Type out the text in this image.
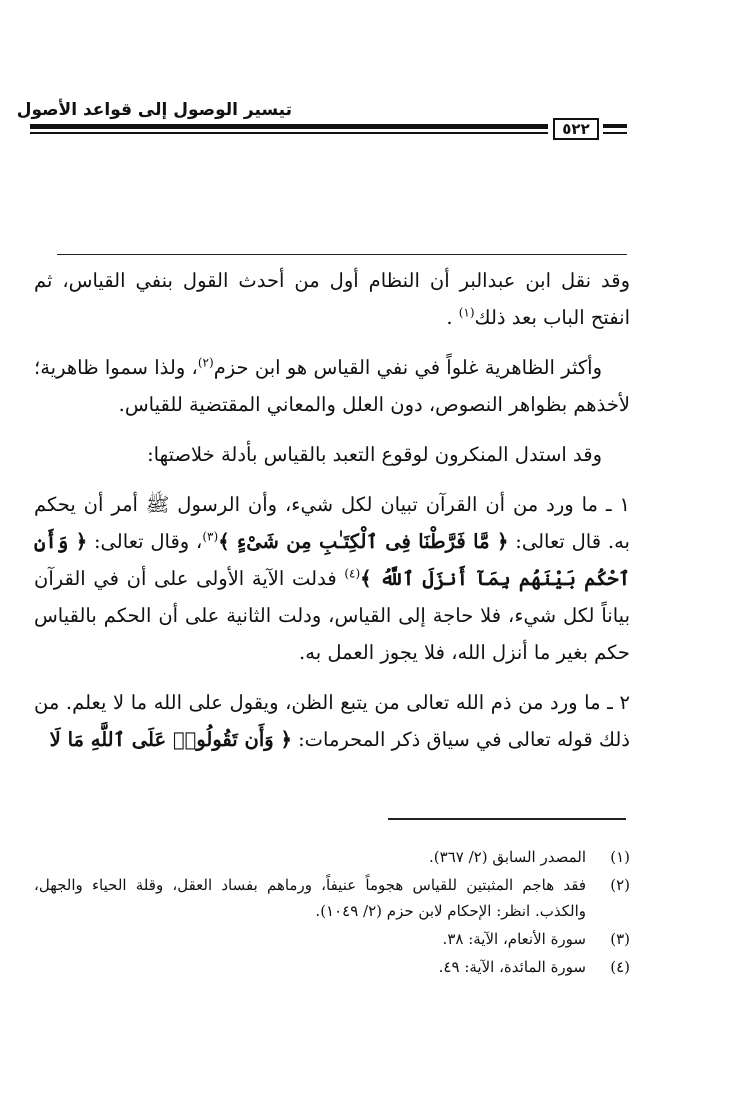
تيسير الوصول إلى قواعد الأصول
٥٢٢

وقد نقل ابن عبدالبر أن النظام أول من أحدث القول بنفي القياس، ثم انفتح الباب بعد ذلك$^{(١)}$ .

وأكثر الظاهرية غلواً في نفي القياس هو ابن حزم$^{(٢)}$، ولذا سموا ظاهرية؛ لأخذهم بظواهر النصوص، دون العلل والمعاني المقتضية للقياس.

وقد استدل المنكرون لوقوع التعبد بالقياس بأدلة خلاصتها:

١ ـ ما ورد من أن القرآن تبيان لكل شيء، وأن الرسول ﷺ أمر أن يحكم به. قال تعالى: ﴿ مَّا فَرَّطْنَا فِى ٱلْكِتَـٰبِ مِن شَىْءٍ ﴾$^{(٣)}$، وقال تعالى: ﴿ وَأَنِ ٱحْكُم بَيْنَهُم بِمَآ أَنزَلَ ٱللَّهُ ﴾$^{(٤)}$ فدلت الآية الأولى على أن في القرآن بياناً لكل شيء، فلا حاجة إلى القياس، ودلت الثانية على أن الحكم بالقياس حكم بغير ما أنزل الله، فلا يجوز العمل به.

٢ ـ ما ورد من ذم الله تعالى من يتبع الظن، ويقول على الله ما لا يعلم. من ذلك قوله تعالى في سياق ذكر المحرمات: ﴿ وَأَن تَقُولُوا۟ عَلَى ٱللَّهِ مَا لَا

(١)
المصدر السابق (٢/ ٣٦٧).
(٢)
فقد هاجم المثبتين للقياس هجوماً عنيفاً، ورماهم بفساد العقل، وقلة الحياء والجهل، والكذب. انظر: الإحكام لابن حزم (٢/ ١٠٤٩).
(٣)
سورة الأنعام، الآية: ٣٨.
(٤)
سورة المائدة، الآية: ٤٩.
